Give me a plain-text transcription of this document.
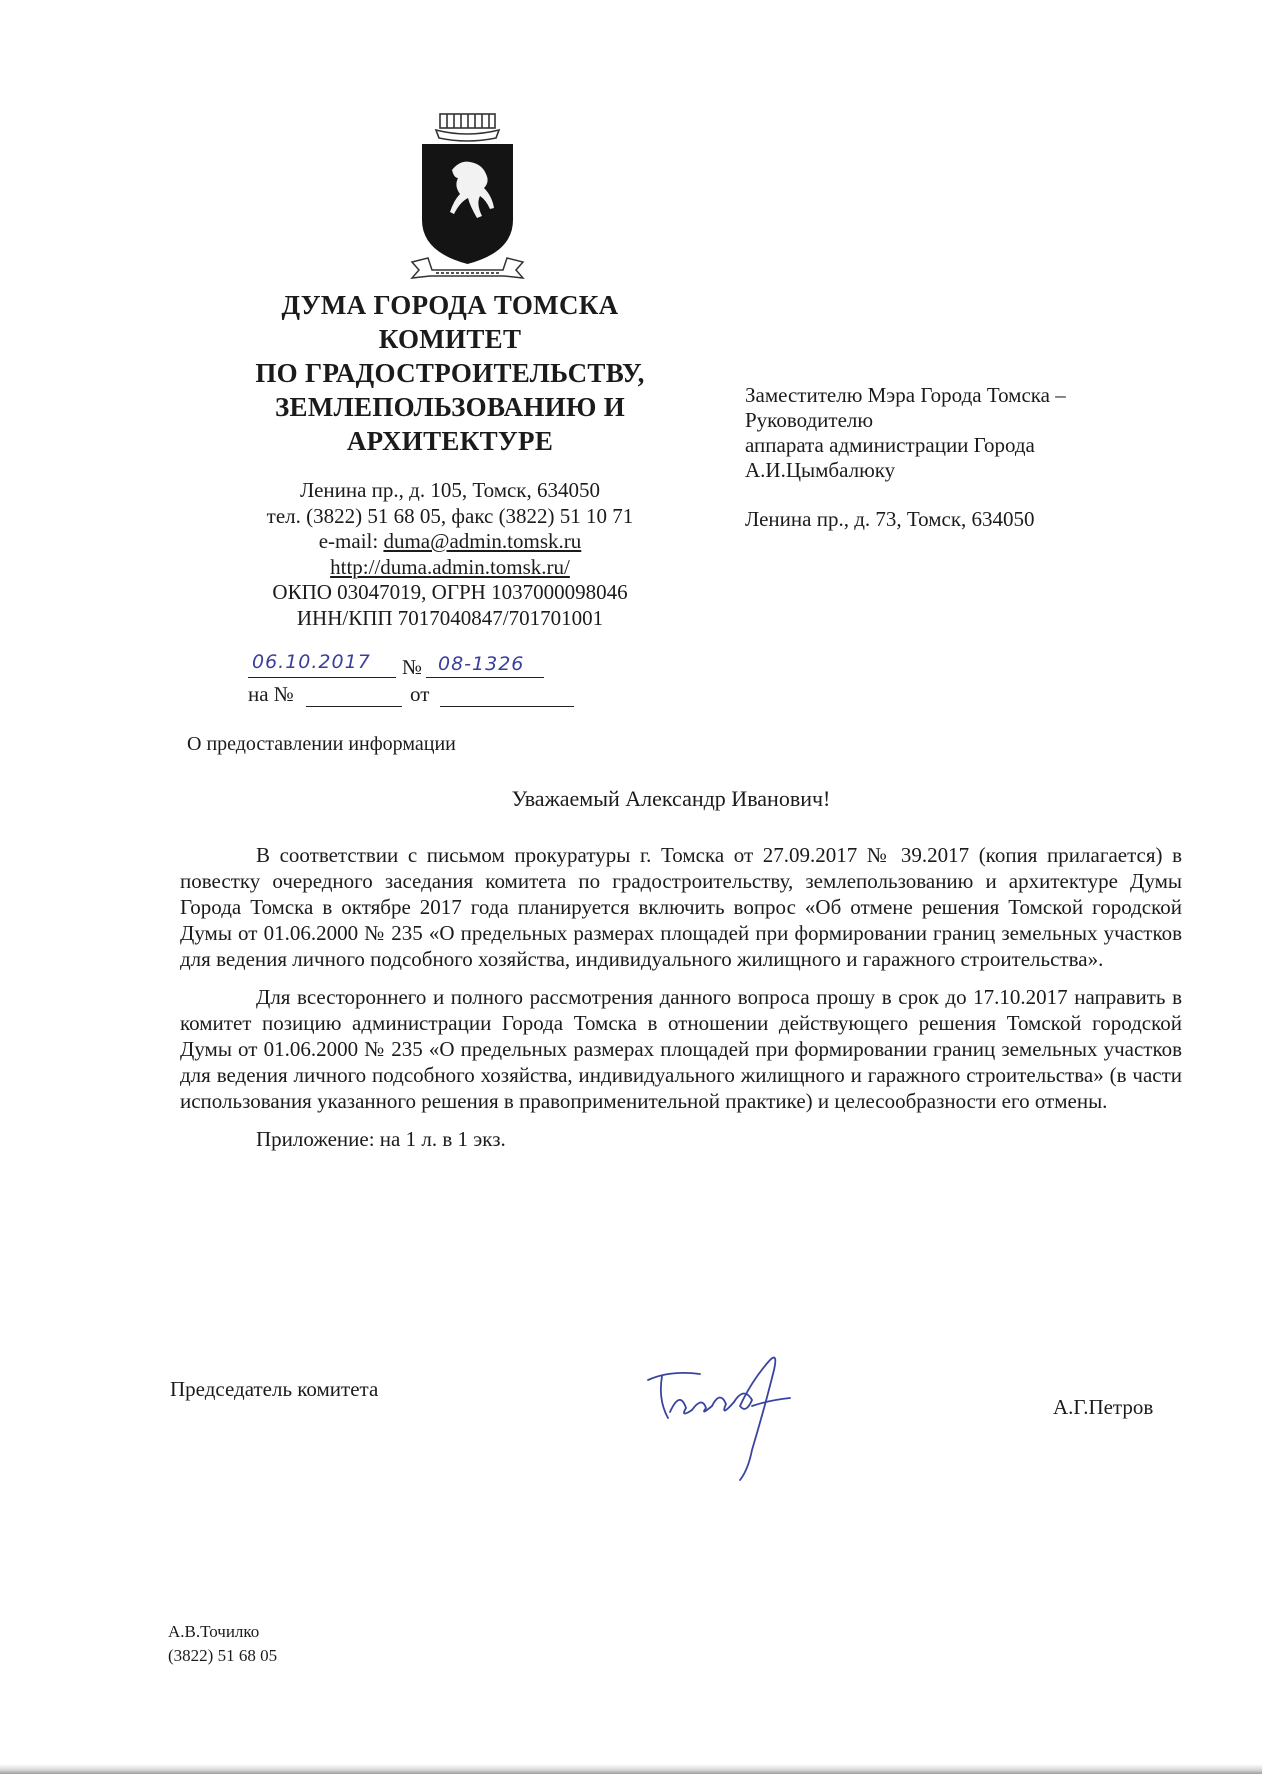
ДУМА ГОРОДА ТОМСКА
КОМИТЕТ
ПО ГРАДОСТРОИТЕЛЬСТВУ,
ЗЕМЛЕПОЛЬЗОВАНИЮ И
АРХИТЕКТУРЕ
Ленина пр., д. 105, Томск, 634050
тел. (3822) 51 68 05, факс (3822) 51 10 71
e-mail: duma@admin.tomsk.ru
http://duma.admin.tomsk.ru/
ОКПО 03047019, ОГРН 1037000098046
ИНН/КПП 7017040847/701701001
06.10.2017 № 08-1326
на №	от
Заместителю Мэра Города Томска –
Руководителю
аппарата администрации Города
А.И.Цымбалюку
Ленина пр., д. 73, Томск, 634050
О предоставлении информации
Уважаемый Александр Иванович!

В соответствии с письмом прокуратуры г. Томска от 27.09.2017 № 39.2017 (копия прилагается) в повестку очередного заседания комитета по градостроительству, землепользованию и архитектуре Думы Города Томска в октябре 2017 года планируется включить вопрос «Об отмене решения Томской городской Думы от 01.06.2000 № 235 «О предельных размерах площадей при формировании границ земельных участков для ведения личного подсобного хозяйства, индивидуального жилищного и гаражного строительства».

Для всестороннего и полного рассмотрения данного вопроса прошу в срок до 17.10.2017 направить в комитет позицию администрации Города Томска в отношении действующего решения Томской городской Думы от 01.06.2000 № 235 «О предельных размерах площадей при формировании границ земельных участков для ведения личного подсобного хозяйства, индивидуального жилищного и гаражного строительства» (в части использования указанного решения в правоприменительной практике) и целесообразности его отмены.

Приложение: на 1 л. в 1 экз.

Председатель комитета
А.Г.Петров
А.В.Точилко
(3822) 51 68 05
